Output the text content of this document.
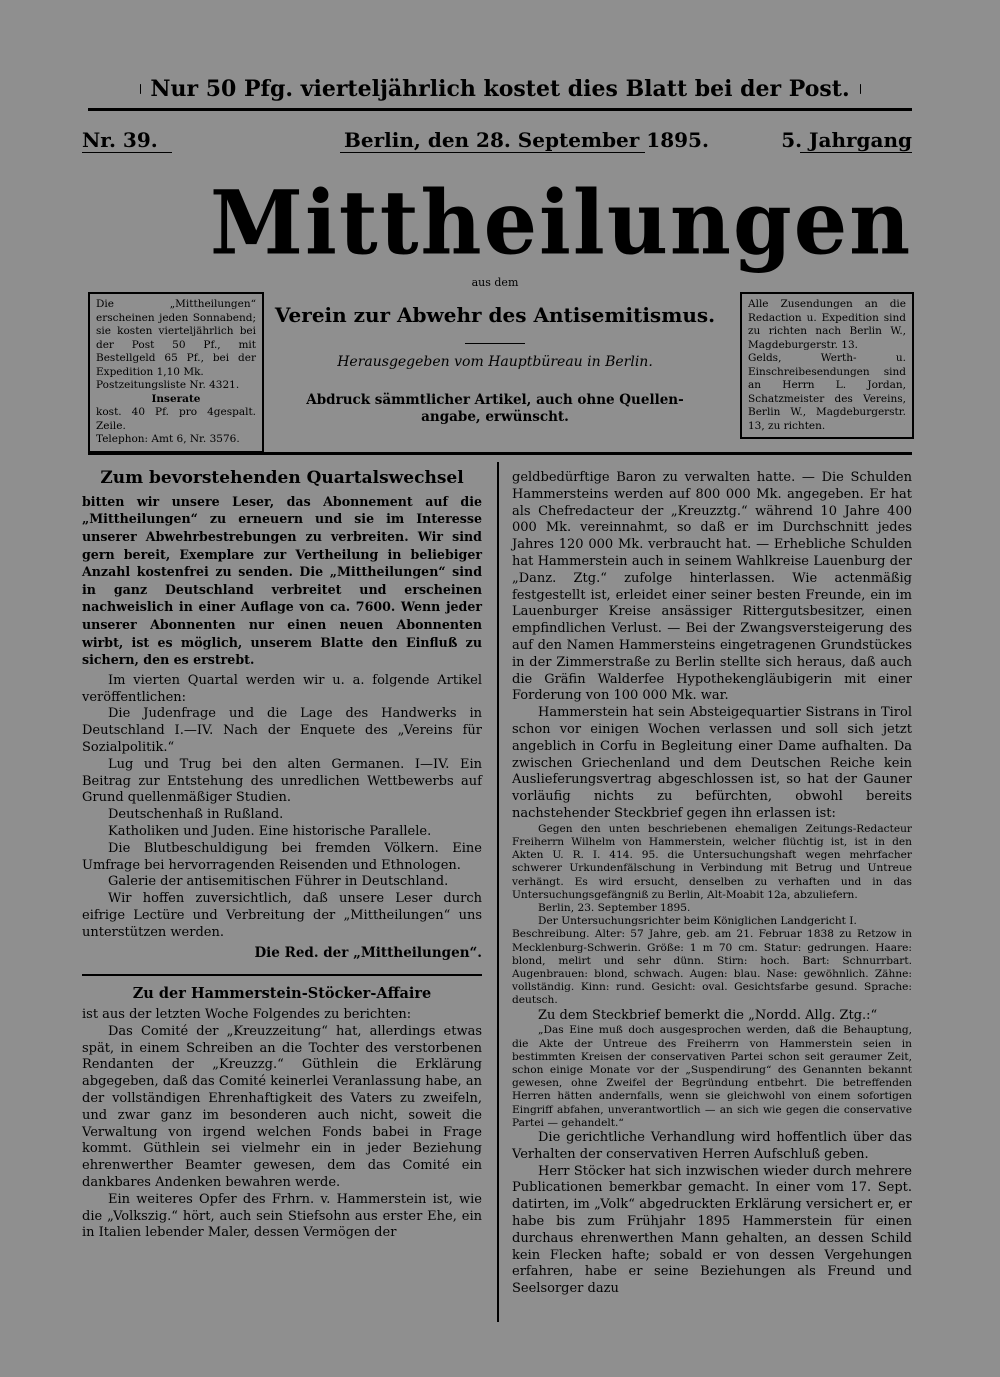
Nur 50 Pfg. vierteljährlich kostet dies Blatt bei der Post.
Nr. 39.	Berlin, den 28. September 1895.	5. Jahrgang
Mittheilungen
Die „Mittheilungen“ erscheinen jeden Sonnabend; sie kosten vierteljährlich bei der Post 50 Pf., mit Bestellgeld 65 Pf., bei der Expedition 1,10 Mk.
Postzeitungsliste Nr. 4321.
Inserate
kost. 40 Pf. pro 4gespalt. Zeile.
Telephon: Amt 6, Nr. 3576.
Alle Zusendungen an die Redaction u. Expedition sind zu richten nach Berlin W., Magdeburgerstr. 13.
Gelds, Werth- u. Einschreibesendungen sind an Herrn L. Jordan, Schatzmeister des Vereins, Berlin W., Magdeburgerstr. 13, zu richten.
aus dem
Verein zur Abwehr des Antisemitismus.
Herausgegeben vom Hauptbüreau in Berlin.
Abdruck sämmtlicher Artikel, auch ohne Quellen-angabe, erwünscht.

Zum bevorstehenden Quartalswechsel

bitten wir unsere Leser, das Abonnement auf die „Mittheilungen“ zu erneuern und sie im Interesse unserer Abwehrbestrebungen zu verbreiten. Wir sind gern bereit, Exemplare zur Vertheilung in beliebiger Anzahl kostenfrei zu senden. Die „Mittheilungen“ sind in ganz Deutschland verbreitet und erscheinen nachweislich in einer Auflage von ca. 7600. Wenn jeder unserer Abonnenten nur einen neuen Abonnenten wirbt, ist es möglich, unserem Blatte den Einfluß zu sichern, den es erstrebt.

Im vierten Quartal werden wir u. a. folgende Artikel veröffentlichen:

Die Judenfrage und die Lage des Handwerks in Deutschland I.—IV. Nach der Enquete des „Vereins für Sozialpolitik.“

Lug und Trug bei den alten Germanen. I—IV. Ein Beitrag zur Entstehung des unredlichen Wettbewerbs auf Grund quellenmäßiger Studien.

Deutschenhaß in Rußland.

Katholiken und Juden. Eine historische Parallele.

Die Blutbeschuldigung bei fremden Völkern. Eine Umfrage bei hervorragenden Reisenden und Ethnologen.

Galerie der antisemitischen Führer in Deutschland.

Wir hoffen zuversichtlich, daß unsere Leser durch eifrige Lectüre und Verbreitung der „Mittheilungen“ uns unterstützen werden.

Die Red. der „Mittheilungen“.

Zu der Hammerstein-Stöcker-Affaire

ist aus der letzten Woche Folgendes zu berichten:

Das Comité der „Kreuzzeitung“ hat, allerdings etwas spät, in einem Schreiben an die Tochter des verstorbenen Rendanten der „Kreuzzg.“ Güthlein die Erklärung abgegeben, daß das Comité keinerlei Veranlassung habe, an der vollständigen Ehrenhaftigkeit des Vaters zu zweifeln, und zwar ganz im besonderen auch nicht, soweit die Verwaltung von irgend welchen Fonds babei in Frage kommt. Güthlein sei vielmehr ein in jeder Beziehung ehrenwerther Beamter gewesen, dem das Comité ein dankbares Andenken bewahren werde.

Ein weiteres Opfer des Frhrn. v. Hammerstein ist, wie die „Volkszig.“ hört, auch sein Stiefsohn aus erster Ehe, ein in Italien lebender Maler, dessen Vermögen der

geldbedürftige Baron zu verwalten hatte. — Die Schulden Hammersteins werden auf 800 000 Mk. angegeben. Er hat als Chefredacteur der „Kreuzztg.“ während 10 Jahre 400 000 Mk. vereinnahmt, so daß er im Durchschnitt jedes Jahres 120 000 Mk. verbraucht hat. — Erhebliche Schulden hat Hammerstein auch in seinem Wahlkreise Lauenburg der „Danz. Ztg.“ zufolge hinterlassen. Wie actenmäßig festgestellt ist, erleidet einer seiner besten Freunde, ein im Lauenburger Kreise ansässiger Rittergutsbesitzer, einen empfindlichen Verlust. — Bei der Zwangsversteigerung des auf den Namen Hammersteins eingetragenen Grundstückes in der Zimmerstraße zu Berlin stellte sich heraus, daß auch die Gräfin Walderfee Hypothekengläubigerin mit einer Forderung von 100 000 Mk. war.

Hammerstein hat sein Absteigequartier Sistrans in Tirol schon vor einigen Wochen verlassen und soll sich jetzt angeblich in Corfu in Begleitung einer Dame aufhalten. Da zwischen Griechenland und dem Deutschen Reiche kein Auslieferungsvertrag abgeschlossen ist, so hat der Gauner vorläufig nichts zu befürchten, obwohl bereits nachstehender Steckbrief gegen ihn erlassen ist:

Gegen den unten beschriebenen ehemaligen Zeitungs-Redacteur Freiherrn Wilhelm von Hammerstein, welcher flüchtig ist, ist in den Akten U. R. I. 414. 95. die Untersuchungshaft wegen mehrfacher schwerer Urkundenfälschung in Verbindung mit Betrug und Untreue verhängt. Es wird ersucht, denselben zu verhaften und in das Untersuchungsgefängniß zu Berlin, Alt-Moabit 12a, abzuliefern.

Berlin, 23. September 1895.

Der Untersuchungsrichter beim Königlichen Landgericht I.

Beschreibung. Alter: 57 Jahre, geb. am 21. Februar 1838 zu Retzow in Mecklenburg-Schwerin. Größe: 1 m 70 cm. Statur: gedrungen. Haare: blond, melirt und sehr dünn. Stirn: hoch. Bart: Schnurrbart. Augenbrauen: blond, schwach. Augen: blau. Nase: gewöhnlich. Zähne: vollständig. Kinn: rund. Gesicht: oval. Gesichtsfarbe gesund. Sprache: deutsch.

Zu dem Steckbrief bemerkt die „Nordd. Allg. Ztg.:“

„Das Eine muß doch ausgesprochen werden, daß die Behauptung, die Akte der Untreue des Freiherrn von Hammerstein seien in bestimmten Kreisen der conservativen Partei schon seit geraumer Zeit, schon einige Monate vor der „Suspendirung“ des Genannten bekannt gewesen, ohne Zweifel der Begründung entbehrt. Die betreffenden Herren hätten andernfalls, wenn sie gleichwohl von einem sofortigen Eingriff abfahen, unverantwortlich — an sich wie gegen die conservative Partei — gehandelt.“

Die gerichtliche Verhandlung wird hoffentlich über das Verhalten der conservativen Herren Aufschluß geben.

Herr Stöcker hat sich inzwischen wieder durch mehrere Publicationen bemerkbar gemacht. In einer vom 17. Sept. datirten, im „Volk“ abgedruckten Erklärung versichert er, er habe bis zum Frühjahr 1895 Hammerstein für einen durchaus ehrenwerthen Mann gehalten, an dessen Schild kein Flecken hafte; sobald er von dessen Vergehungen erfahren, habe er seine Beziehungen als Freund und Seelsorger dazu
